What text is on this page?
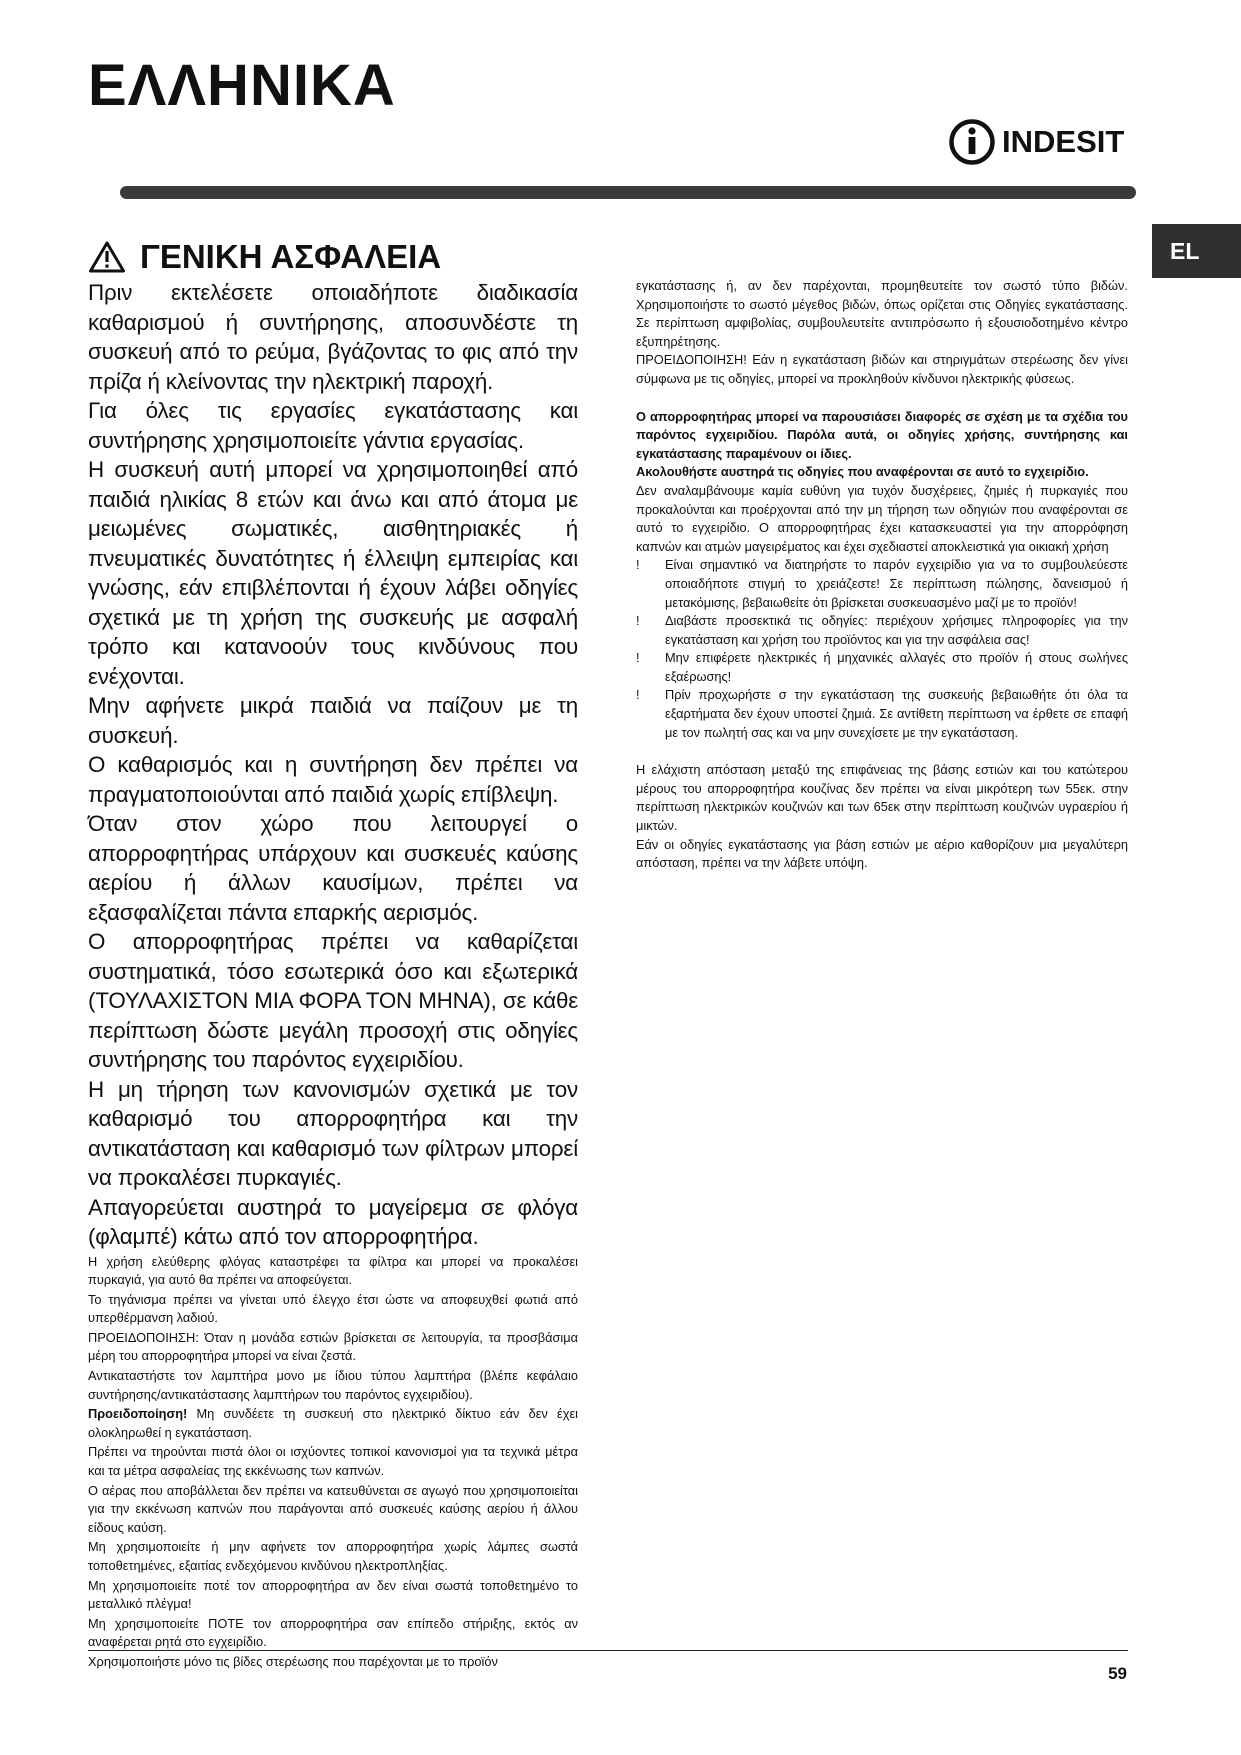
ΕΛΛΗΝΙΚΑ
INDESIT
EL
ΓΕΝΙΚΗ ΑΣΦΑΛΕΙΑ

Πριν εκτελέσετε οποιαδήποτε διαδικασία καθαρισμού ή συντήρησης, αποσυνδέστε τη συσκευή από το ρεύμα, βγάζοντας το φις από την πρίζα ή κλείνοντας την ηλεκτρική παροχή.

Για όλες τις εργασίες εγκατάστασης και συντήρησης χρησιμοποιείτε γάντια εργασίας.

Η συσκευή αυτή μπορεί να χρησιμοποιηθεί από παιδιά ηλικίας 8 ετών και άνω και από άτομα με μειωμένες σωματικές, αισθητηριακές ή πνευματικές δυνατότητες ή έλλειψη εμπειρίας και γνώσης, εάν επιβλέπονται ή έχουν λάβει οδηγίες σχετικά με τη χρήση της συσκευής με ασφαλή τρόπο και κατανοούν τους κινδύνους που ενέχονται.

Μην αφήνετε μικρά παιδιά να παίζουν με τη συσκευή.

Ο καθαρισμός και η συντήρηση δεν πρέπει να πραγματοποιούνται από παιδιά χωρίς επίβλεψη.

Όταν στον χώρο που λειτουργεί ο απορροφητήρας υπάρχουν και συσκευές καύσης αερίου ή άλλων καυσίμων, πρέπει να εξασφαλίζεται πάντα επαρκής αερισμός.

Ο απορροφητήρας πρέπει να καθαρίζεται συστηματικά, τόσο εσωτερικά όσο και εξωτερικά (ΤΟΥΛΑΧΙΣΤΟΝ ΜΙΑ ΦΟΡΑ ΤΟΝ ΜΗΝΑ), σε κάθε περίπτωση δώστε μεγάλη προσοχή στις οδηγίες συντήρησης του παρόντος εγχειριδίου.

Η μη τήρηση των κανονισμών σχετικά με τον καθαρισμό του απορροφητήρα και την αντικατάσταση και καθαρισμό των φίλτρων μπορεί να προκαλέσει πυρκαγιές.

Απαγορεύεται αυστηρά το μαγείρεμα σε φλόγα (φλαμπέ) κάτω από τον απορροφητήρα.

Η χρήση ελεύθερης φλόγας καταστρέφει τα φίλτρα και μπορεί να προκαλέσει πυρκαγιά, για αυτό θα πρέπει να αποφεύγεται.

Το τηγάνισμα πρέπει να γίνεται υπό έλεγχο έτσι ώστε να αποφευχθεί φωτιά από υπερθέρμανση λαδιού.

ΠΡΟΕΙΔΟΠΟΙΗΣΗ: Όταν η μονάδα εστιών βρίσκεται σε λειτουργία, τα προσβάσιμα μέρη του απορροφητήρα μπορεί να είναι ζεστά.

Αντικαταστήστε τον λαμπτήρα μονο με ίδιου τύπου λαμπτήρα (βλέπε κεφάλαιο συντήρησης/αντικατάστασης λαμπτήρων του παρόντος εγχειριδίου).

Προειδοποίηση! Μη συνδέετε τη συσκευή στο ηλεκτρικό δίκτυο εάν δεν έχει ολοκληρωθεί η εγκατάσταση.

Πρέπει να τηρούνται πιστά όλοι οι ισχύοντες τοπικοί κανονισμοί για τα τεχνικά μέτρα και τα μέτρα ασφαλείας της εκκένωσης των καπνών.

Ο αέρας που αποβάλλεται δεν πρέπει να κατευθύνεται σε αγωγό που χρησιμοποιείται για την εκκένωση καπνών που παράγονται από συσκευές καύσης αερίου ή άλλου είδους καύση.

Μη χρησιμοποιείτε ή μην αφήνετε τον απορροφητήρα χωρίς λάμπες σωστά τοποθετημένες, εξαιτίας ενδεχόμενου κινδύνου ηλεκτροπληξίας.

Μη χρησιμοποιείτε ποτέ τον απορροφητήρα αν δεν είναι σωστά τοποθετημένο το μεταλλικό πλέγμα!

Μη χρησιμοποιείτε ΠΟΤΕ τον απορροφητήρα σαν επίπεδο στήριξης, εκτός αν αναφέρεται ρητά στο εγχειρίδιο.

Χρησιμοποιήστε μόνο τις βίδες στερέωσης που παρέχονται με το προϊόν

εγκατάστασης ή, αν δεν παρέχονται, προμηθευτείτε τον σωστό τύπο βιδών. Χρησιμοποιήστε το σωστό μέγεθος βιδών, όπως ορίζεται στις Οδηγίες εγκατάστασης. Σε περίπτωση αμφιβολίας, συμβουλευτείτε αντιπρόσωπο ή εξουσιοδοτημένο κέντρο εξυπηρέτησης.

ΠΡΟΕΙΔΟΠΟΙΗΣΗ! Εάν η εγκατάσταση βιδών και στηριγμάτων στερέωσης δεν γίνει σύμφωνα με τις οδηγίες, μπορεί να προκληθούν κίνδυνοι ηλεκτρικής φύσεως.

Ο απορροφητήρας μπορεί να παρουσιάσει διαφορές σε σχέση με τα σχέδια του παρόντος εγχειριδίου. Παρόλα αυτά, οι οδηγίες χρήσης, συντήρησης και εγκατάστασης παραμένουν οι ίδιες.

Ακολουθήστε αυστηρά τις οδηγίες που αναφέρονται σε αυτό το εγχειρίδιο.

Δεν αναλαμβάνουμε καμία ευθύνη για τυχόν δυσχέρειες, ζημιές ή πυρκαγιές που προκαλούνται και προέρχονται από την μη τήρηση των οδηγιών που αναφέρονται σε αυτό το εγχειρίδιο. Ο απορροφητήρας έχει κατασκευαστεί για την απορρόφηση καπνών και ατμών μαγειρέματος και έχει σχεδιαστεί αποκλειστικά για οικιακή χρήση

! Είναι σημαντικό να διατηρήστε το παρόν εγχειρίδιο για να το συμβουλεύεστε οποιαδήποτε στιγμή το χρειάζεστε! Σε περίπτωση πώλησης, δανεισμού ή μετακόμισης, βεβαιωθείτε ότι βρίσκεται συσκευασμένο μαζί με το προϊόν!
! Διαβάστε προσεκτικά τις οδηγίες: περιέχουν χρήσιμες πληροφορίες για την εγκατάσταση και χρήση του προϊόντος και για την ασφάλεια σας!
! Μην επιφέρετε ηλεκτρικές ή μηχανικές αλλαγές στο προϊόν ή στους σωλήνες εξαέρωσης!
! Πρίν προχωρήστε σ την εγκατάσταση της συσκευής βεβαιωθήτε ότι όλα τα εξαρτήματα δεν έχουν υποστεί ζημιά. Σε αντίθετη περίπτωση να έρθετε σε επαφή με τον πωλητή σας και να μην συνεχίσετε με την εγκατάσταση.

Η ελάχιστη απόσταση μεταξύ της επιφάνειας της βάσης εστιών και του κατώτερου μέρους του απορροφητήρα κουζίνας δεν πρέπει να είναι μικρότερη των 55εκ. στην περίπτωση ηλεκτρικών κουζινών και των 65εκ στην περίπτωση κουζινών υγραερίου ή μικτών.

Εάν οι οδηγίες εγκατάστασης για βάση εστιών με αέριο καθορίζουν μια μεγαλύτερη απόσταση, πρέπει να την λάβετε υπόψη.

59
